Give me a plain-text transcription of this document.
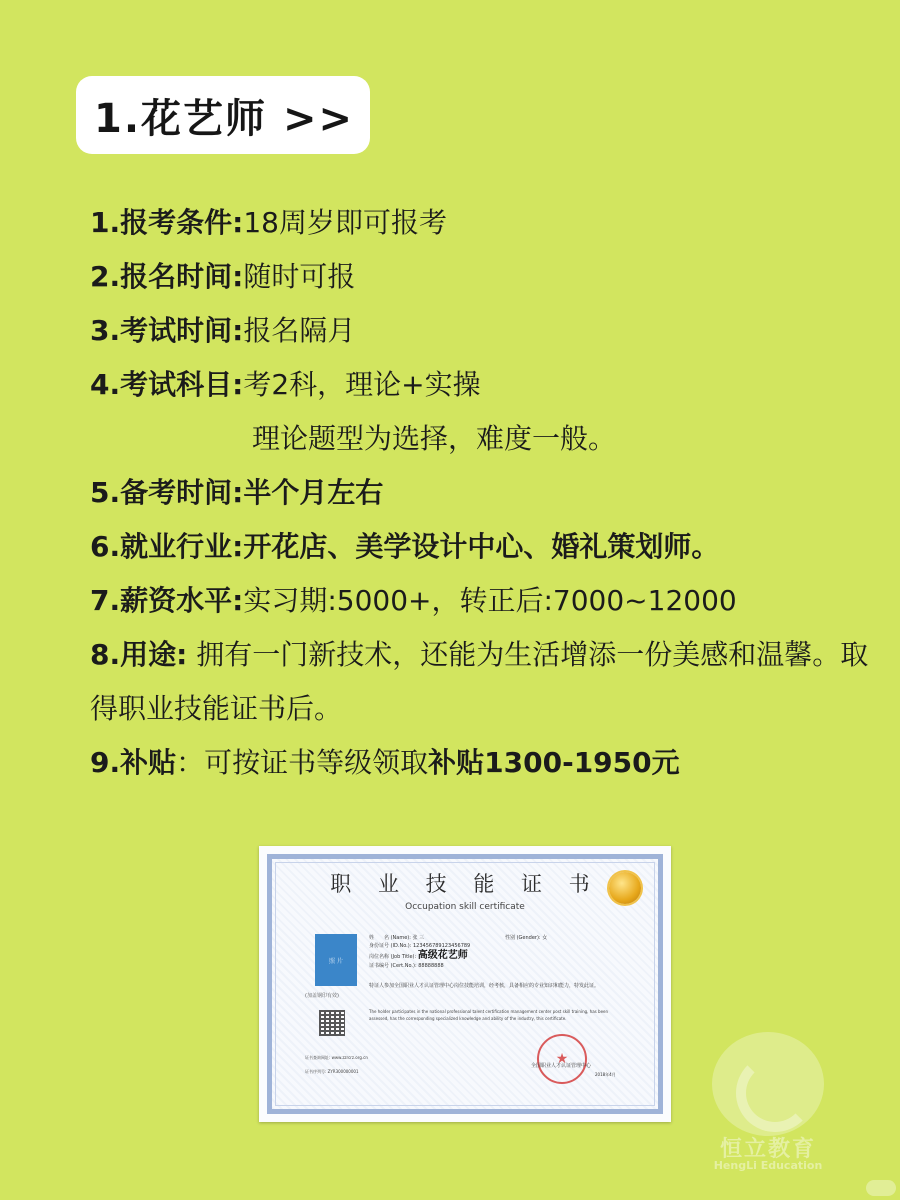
1.花艺师 >>
1.报考条件:18周岁即可报考
2.报名时间:随时可报
3.考试时间:报名隔月
4.考试科目:考2科，理论+实操
理论题型为选择，难度一般。
5.备考时间:半个月左右
6.就业行业:开花店、美学设计中心、婚礼策划师。
7.薪资水平:实习期:5000+，转正后:7000~12000
8.用途: 拥有一门新技术，还能为生活增添一份美感和温馨。取得职业技能证书后。
9.补贴：可按证书等级领取补贴1300-1950元
职 业 技 能 证 书
Occupation skill certificate
照 片
(加盖钢印有效)
姓　　名 (Name): 张 三
身份证号 (ID.No.): 123456789123456789
岗位名称 (Job Title): 高级花艺师
证书编号 (Cert.No.): 88888888
性别 (Gender): 女
特证人参加全国职业人才认证管理中心岗位技能培训，经考核，具备相应的专业知识和能力，特发此证。
The holder participates in the national professional talent certification management center post skill training, has been assessed, has the corresponding specialized knowledge and ability of the industry, this certificate.
证书查询网址: www.zzrcrz.org.cn
证书序列号: ZYR300000001
★
全国职业人才认证管理中心
2018年4月
恒立教育
HengLi Education
